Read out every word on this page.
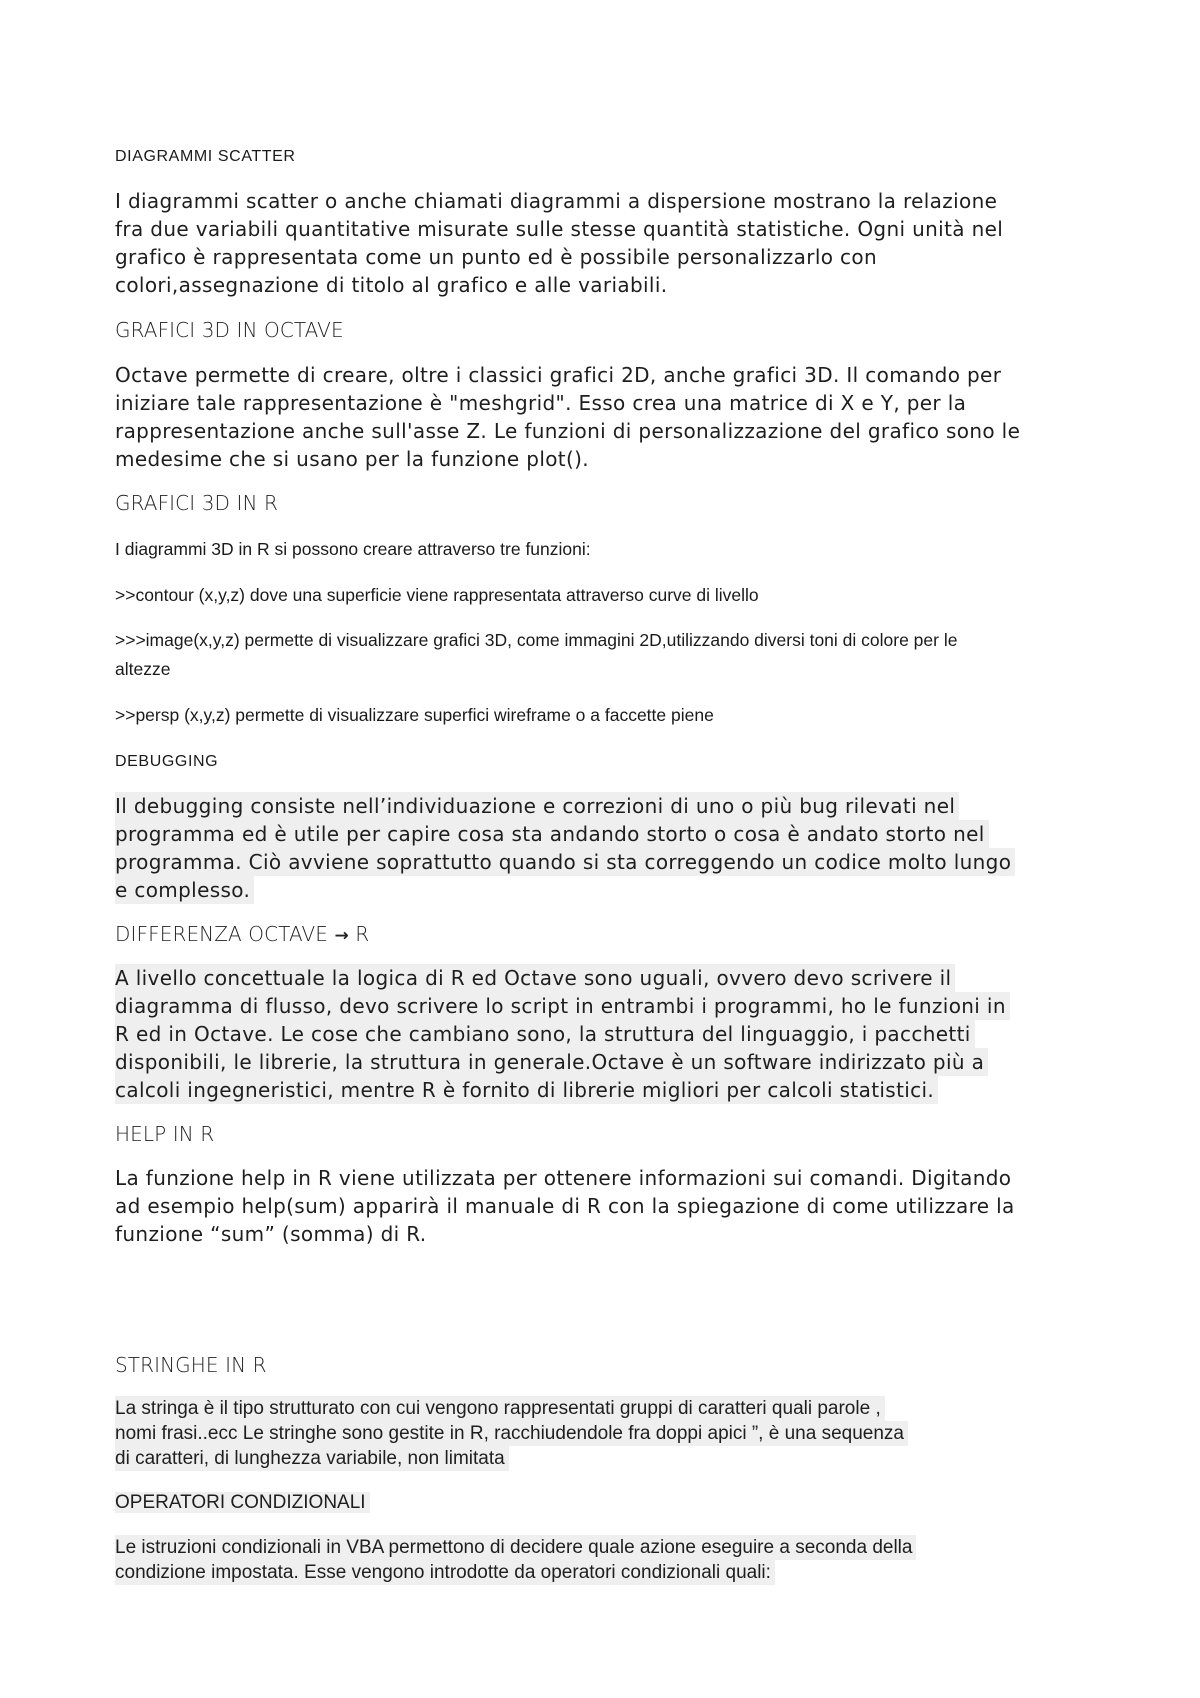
DIAGRAMMI SCATTER
I diagrammi scatter o anche chiamati diagrammi a dispersione mostrano la relazione
fra due variabili quantitative misurate sulle stesse quantità statistiche. Ogni unità nel
grafico è rappresentata come un punto ed è possibile personalizzarlo con
colori,assegnazione di titolo al grafico e alle variabili.
GRAFICI 3D IN OCTAVE
Octave permette di creare, oltre i classici grafici 2D, anche grafici 3D. Il comando per
iniziare tale rappresentazione è "meshgrid". Esso crea una matrice di X e Y, per la
rappresentazione anche sull'asse Z. Le funzioni di personalizzazione del grafico sono le
medesime che si usano per la funzione plot().
GRAFICI 3D IN R
I diagrammi 3D in R si possono creare attraverso tre funzioni:
>>contour (x,y,z) dove una superficie viene rappresentata attraverso curve di livello
>>>image(x,y,z) permette di visualizzare grafici 3D, come immagini 2D,utilizzando diversi toni di colore per le
altezze
>>persp (x,y,z) permette di visualizzare superfici wireframe o a faccette piene
DEBUGGING
Il debugging consiste nell’individuazione e correzioni di uno o più bug rilevati nel
programma ed è utile per capire cosa sta andando storto o cosa è andato storto nel
programma. Ciò avviene soprattutto quando si sta correggendo un codice molto lungo
e complesso.
DIFFERENZA OCTAVE → R
A livello concettuale la logica di R ed Octave sono uguali, ovvero devo scrivere il
diagramma di flusso, devo scrivere lo script in entrambi i programmi, ho le funzioni in
R ed in Octave. Le cose che cambiano sono, la struttura del linguaggio, i pacchetti
disponibili, le librerie, la struttura in generale.Octave è un software indirizzato più a
calcoli ingegneristici, mentre R è fornito di librerie migliori per calcoli statistici.
HELP IN R
La funzione help in R viene utilizzata per ottenere informazioni sui comandi. Digitando
ad esempio help(sum) apparirà il manuale di R con la spiegazione di come utilizzare la
funzione “sum” (somma) di R.
STRINGHE IN R
La stringa è il tipo strutturato con cui vengono rappresentati gruppi di caratteri quali parole ,
nomi frasi..ecc Le stringhe sono gestite in R, racchiudendole fra doppi apici ”, è una sequenza
di caratteri, di lunghezza variabile, non limitata
OPERATORI CONDIZIONALI
Le istruzioni condizionali in VBA permettono di decidere quale azione eseguire a seconda della
condizione impostata. Esse vengono introdotte da operatori condizionali quali:
